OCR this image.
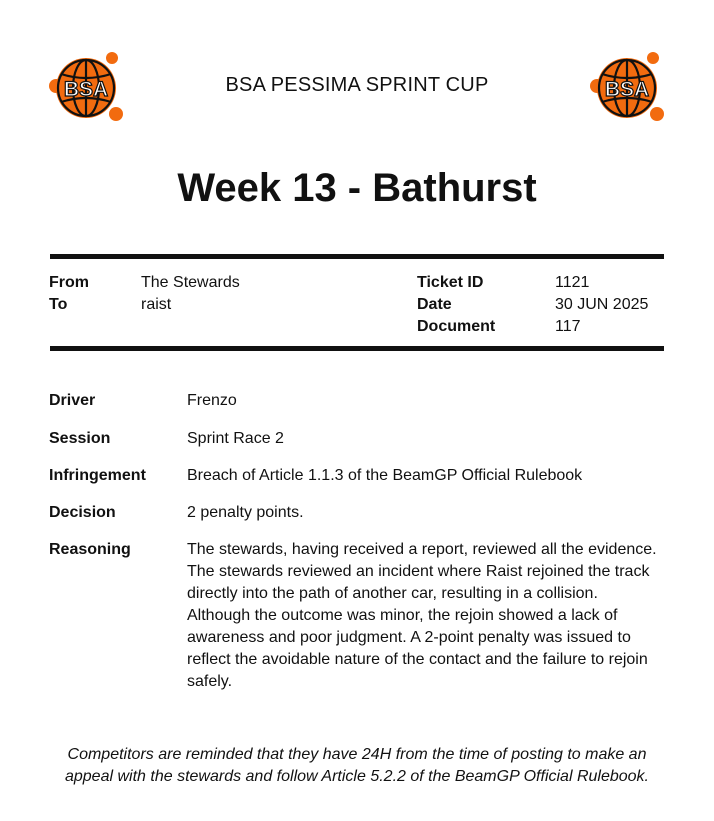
BSA	BSA PESSIMA SPRINT CUP	BSA
Week 13 - Bathurst
From	The Stewards
To	raist
Ticket ID	1121
Date	30 JUN 2025
Document	117
Driver	Frenzo
Session	Sprint Race 2
Infringement	Breach of Article 1.1.3 of the BeamGP Official Rulebook
Decision	2 penalty points.
Reasoning	The stewards, having received a report, reviewed all the evidence. The stewards reviewed an incident where Raist rejoined the track directly into the path of another car, resulting in a collision. Although the outcome was minor, the rejoin showed a lack of awareness and poor judgment. A 2-point penalty was issued to reflect the avoidable nature of the contact and the failure to rejoin safely.
Competitors are reminded that they have 24H from the time of posting to make an appeal with the stewards and follow Article 5.2.2 of the BeamGP Official Rulebook.
